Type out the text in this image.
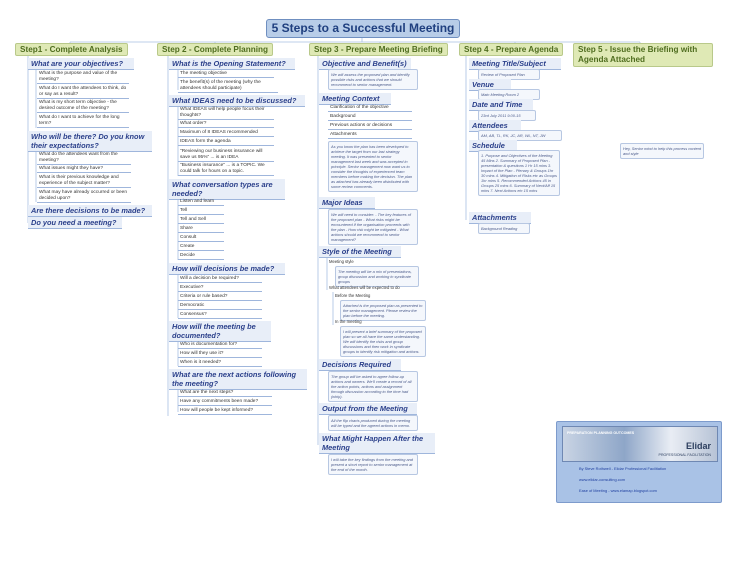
5 Steps to a Successful Meeting
Step1 - Complete Analysis	Step 2 - Complete Planning	Step 3 - Prepare Meeting Briefing	Step 4 - Prepare Agenda	Step 5 - Issue the Briefing with Agenda Attached
What are your objectives?
What is the purpose and value of the meeting?
What do I want the attendees to think, do or say as a result?
What is my short term objective - the desired outcome of the meeting?
What do I want to achieve for the long term?
Who will be there? Do you know their expectations?
What do the attendees want from the meeting?
What issues might they have?
What is their previous knowledge and experience of the subject matter?
What may have already occurred or been decided upon?
Are there decisions to be made?
Do you need a meeting?
What is the Opening Statement?
The meeting objective
The benefit(s) of the meeting (why the attendees should participate)
What IDEAS need to be discussed?
What IDEAS will help people focus their thoughts?
What order?
Maximum of 8 IDEAS recommended
IDEAS form the agenda
"Reviewing our business insurance will save us 95%" ... is an IDEA
"Business insurance" ... is a TOPIC. We could talk for hours on a topic.
What conversation types are needed?
Listen and learn
Tell
Tell and Sell
Share
Consult
Create
Decide
How will decisions be made?
Will a decision be required?
Executive?
Criteria or rule based?
Democratic
Consensus?
How will the meeting be documented?
Who is documentation for?
How will they use it?
When is it needed?
What are the next actions following the meeting?
What are the next steps?
Have any commitments been made?
How will people be kept informed?
Objective and Benefit(s)
We will assess the proposed plan and identify possible risks and actions that we should recommend to senior management.
Meeting Context
Clarification of the objective
Background
Previous actions or decisions
Attachments
As you know the plan has been developed to achieve the target from our last strategy meeting. It was presented to senior management last week and was accepted in principle. Senior management now want us to consider the thoughts of experienced team members before making the decision. The plan as attached has already been distributed with some review comments.
Major Ideas
We will need to consider: - The key features of the proposed plan - What risks might be encountered if the organisation proceeds with the plan - How risk might be mitigated - What actions should we recommend to senior management?
Style of the Meeting
Meeting style
The meeting will be a mix of presentations, group discussion and working in syndicate groups
What attendees will be expected to do
Before the Meeting
Attached is the proposed plan as presented to the senior management. Please review the plan before the meeting.
In the meeting
I will present a brief summary of the proposed plan so we all have the same understanding. We will identify the risks and group discussions and then work in syndicate groups to identify risk mitigation and actions.
Decisions Required
The group will be asked to agree follow-up actions and owners. We'll create a record of all the action points, actions and assignment through discussion according to the time had (whip).
Output from the Meeting
All the flip charts produced during the meeting will be typed and the agreed actions in memo.
What Might Happen After the Meeting
I will take the key findings from the meeting and present a short report to senior management at the end of the month.
Meeting Title/Subject
Review of Proposed Plan
Venue
Main Meeting Room 2
Date and Time
23rd July 2011 9.00-15
Attendees
AM, AB, TL, RK, JC, AR, WL, NT, JW
Schedule
1. Purpose and Objectives of the Meeting 45 Mins 2. Summary of Proposed Plan - presentation & questions 1 Hr 15 mins 3. Impact of the Plan - Plenary & Groups 1hr 30 mins 4. Mitigation of Risks etc as Groups 1hr mins 5. Recommended Actions 45 in Groups 25 mins 6. Summary of Next/Aff 15 mins 7. Next Actions etc 15 mins
Attachments
Background Reading
Hey, Senior mind to help this process content and style
PREPARATION PLANNING OUTCOMES
Elidar
PROFESSIONAL FACILITATION
By Steve Rothwell - Elidar Professional Facilitation
www.elidar-consulting.com
Ease of Meeting - www.elamap.blogspot.com
